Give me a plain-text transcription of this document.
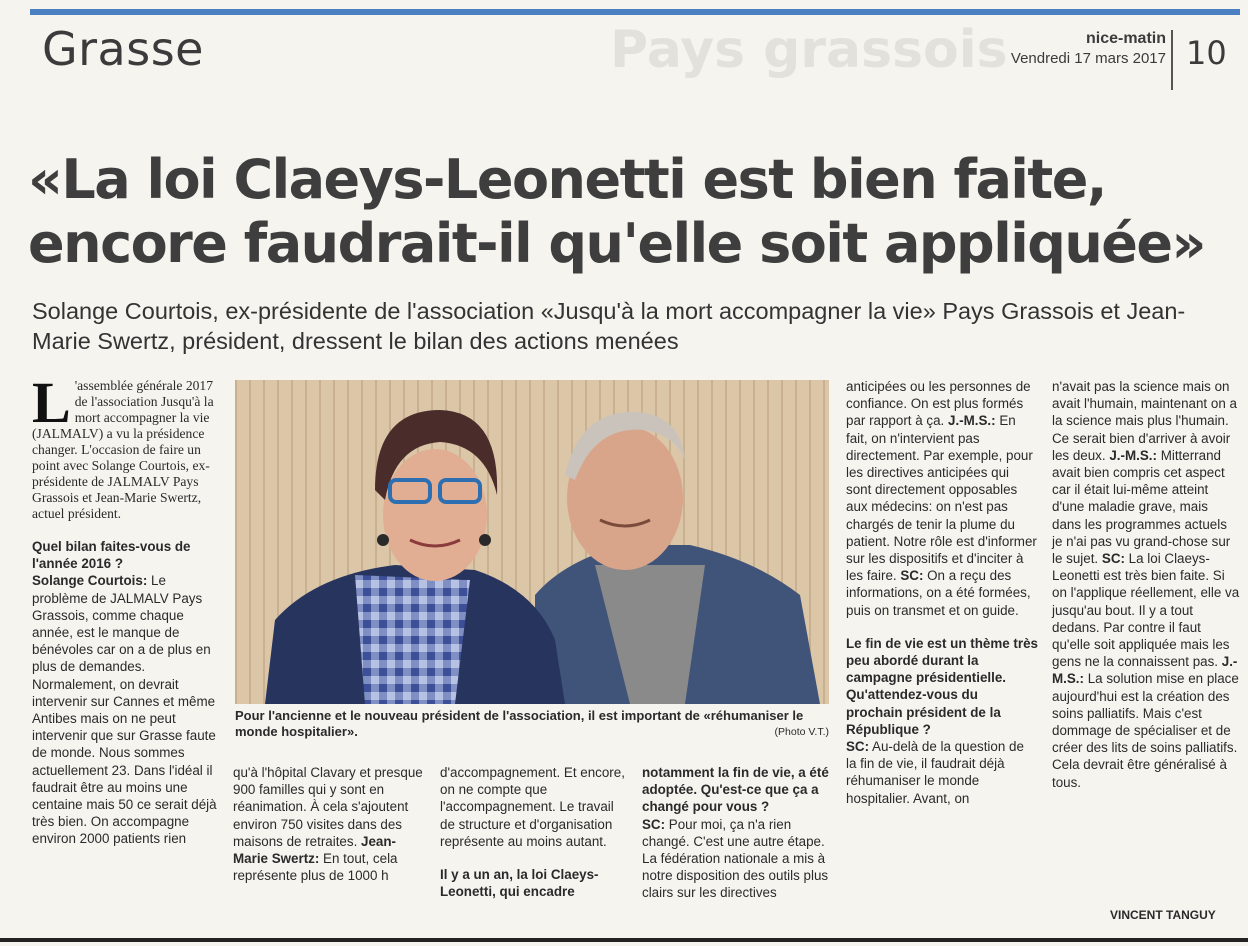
Pays grassois
Grasse	nice-matin
Vendredi 17 mars 2017 10
«La loi Claeys-Leonetti est bien faite,
encore faudrait-il qu'elle soit appliquée»
Solange Courtois, ex-présidente de l'association «Jusqu'à la mort accompagner la vie» Pays Grassois et Jean-Marie Swertz, président, dressent le bilan des actions menées
L 'assemblée générale 2017 de l'association Jusqu'à la mort accompagner la vie (JALMALV) a vu la présidence changer. L'occasion de faire un point avec Solange Courtois, ex-présidente de JALMALV Pays Grassois et Jean-Marie Swertz, actuel président.
Quel bilan faites-vous de l'année 2016 ?
Solange Courtois: Le problème de JALMALV Pays Grassois, comme chaque année, est le manque de bénévoles car on a de plus en plus de demandes. Normalement, on devrait intervenir sur Cannes et même Antibes mais on ne peut intervenir que sur Grasse faute de monde. Nous sommes actuellement 23. Dans l'idéal il faudrait être au moins une centaine mais 50 ce serait déjà très bien. On accompagne environ 2000 patients rien
Pour l'ancienne et le nouveau président de l'association, il est important de «réhumaniser le monde hospitalier».	(Photo V.T.)
qu'à l'hôpital Clavary et presque 900 familles qui y sont en réanimation. À cela s'ajoutent environ 750 visites dans des maisons de retraites. Jean-Marie Swertz: En tout, cela représente plus de 1000 h
d'accompagnement. Et encore, on ne compte que l'accompagnement. Le travail de structure et d'organisation représente au moins autant.
Il y a un an, la loi Claeys-Leonetti, qui encadre
notamment la fin de vie, a été adoptée. Qu'est-ce que ça a changé pour vous ?
SC: Pour moi, ça n'a rien changé. C'est une autre étape. La fédération nationale a mis à notre disposition des outils plus clairs sur les directives
anticipées ou les personnes de confiance. On est plus formés par rapport à ça. J.-M.S.: En fait, on n'intervient pas directement. Par exemple, pour les directives anticipées qui sont directement opposables aux médecins: on n'est pas chargés de tenir la plume du patient. Notre rôle est d'informer sur les dispositifs et d'inciter à les faire. SC: On a reçu des informations, on a été formées, puis on transmet et on guide.
Le fin de vie est un thème très peu abordé durant la campagne présidentielle. Qu'attendez-vous du prochain président de la République ?
SC: Au-delà de la question de la fin de vie, il faudrait déjà réhumaniser le monde hospitalier. Avant, on
n'avait pas la science mais on avait l'humain, maintenant on a la science mais plus l'humain. Ce serait bien d'arriver à avoir les deux. J.-M.S.: Mitterrand avait bien compris cet aspect car il était lui-même atteint d'une maladie grave, mais dans les programmes actuels je n'ai pas vu grand-chose sur le sujet. SC: La loi Claeys-Leonetti est très bien faite. Si on l'applique réellement, elle va jusqu'au bout. Il y a tout dedans. Par contre il faut qu'elle soit appliquée mais les gens ne la connaissent pas. J.-M.S.: La solution mise en place aujourd'hui est la création des soins palliatifs. Mais c'est dommage de spécialiser et de créer des lits de soins palliatifs. Cela devrait être généralisé à tous.
VINCENT TANGUY
